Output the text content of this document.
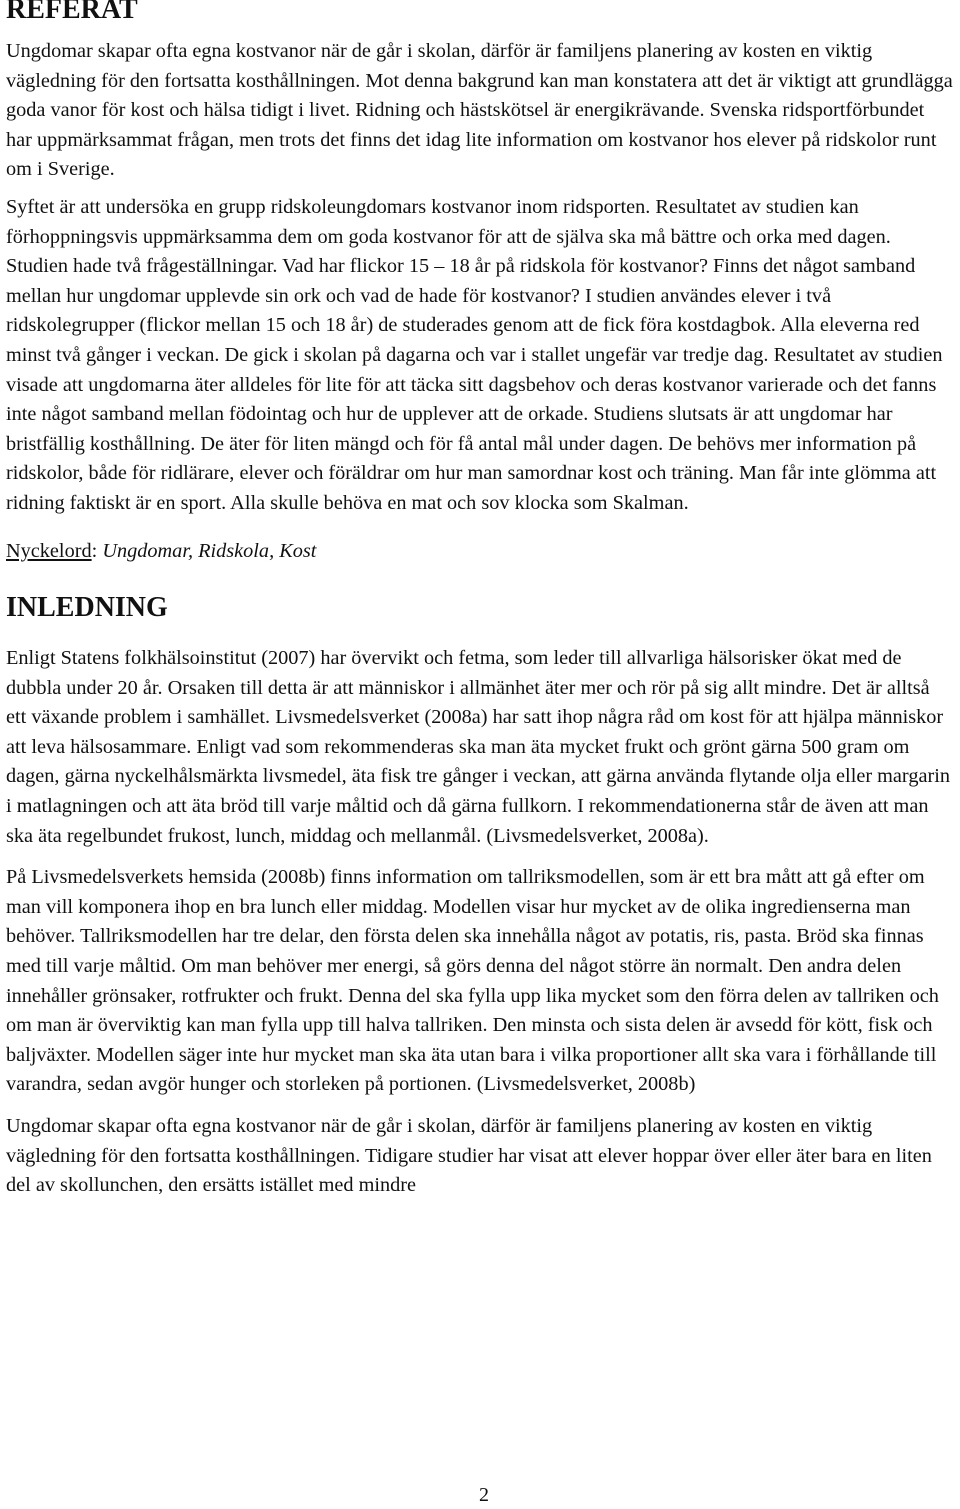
REFERAT

Ungdomar skapar ofta egna kostvanor när de går i skolan, därför är familjens planering av kosten en viktig vägledning för den fortsatta kosthållningen. Mot denna bakgrund kan man konstatera att det är viktigt att grundlägga goda vanor för kost och hälsa tidigt i livet. Ridning och hästskötsel är energikrävande. Svenska ridsportförbundet har uppmärksammat frågan, men trots det finns det idag lite information om kostvanor hos elever på ridskolor runt om i Sverige.

Syftet är att undersöka en grupp ridskoleungdomars kostvanor inom ridsporten. Resultatet av studien kan förhoppningsvis uppmärksamma dem om goda kostvanor för att de själva ska må bättre och orka med dagen. Studien hade två frågeställningar. Vad har flickor 15 – 18 år på ridskola för kostvanor? Finns det något samband mellan hur ungdomar upplevde sin ork och vad de hade för kostvanor? I studien användes elever i två ridskolegrupper (flickor mellan 15 och 18 år) de studerades genom att de fick föra kostdagbok. Alla eleverna red minst två gånger i veckan. De gick i skolan på dagarna och var i stallet ungefär var tredje dag. Resultatet av studien visade att ungdomarna äter alldeles för lite för att täcka sitt dagsbehov och deras kostvanor varierade och det fanns inte något samband mellan födointag och hur de upplever att de orkade. Studiens slutsats är att ungdomar har bristfällig kosthållning. De äter för liten mängd och för få antal mål under dagen. De behövs mer information på ridskolor, både för ridlärare, elever och föräldrar om hur man samordnar kost och träning. Man får inte glömma att ridning faktiskt är en sport. Alla skulle behöva en mat och sov klocka som Skalman.

Nyckelord: Ungdomar, Ridskola, Kost

INLEDNING

Enligt Statens folkhälsoinstitut (2007) har övervikt och fetma, som leder till allvarliga hälsorisker ökat med de dubbla under 20 år. Orsaken till detta är att människor i allmänhet äter mer och rör på sig allt mindre. Det är alltså ett växande problem i samhället. Livsmedelsverket (2008a) har satt ihop några råd om kost för att hjälpa människor att leva hälsosammare. Enligt vad som rekommenderas ska man äta mycket frukt och grönt gärna 500 gram om dagen, gärna nyckelhålsmärkta livsmedel, äta fisk tre gånger i veckan, att gärna använda flytande olja eller margarin i matlagningen och att äta bröd till varje måltid och då gärna fullkorn. I rekommendationerna står de även att man ska äta regelbundet frukost, lunch, middag och mellanmål. (Livsmedelsverket, 2008a).

På Livsmedelsverkets hemsida (2008b) finns information om tallriksmodellen, som är ett bra mått att gå efter om man vill komponera ihop en bra lunch eller middag. Modellen visar hur mycket av de olika ingredienserna man behöver. Tallriksmodellen har tre delar, den första delen ska innehålla något av potatis, ris, pasta. Bröd ska finnas med till varje måltid. Om man behöver mer energi, så görs denna del något större än normalt. Den andra delen innehåller grönsaker, rotfrukter och frukt. Denna del ska fylla upp lika mycket som den förra delen av tallriken och om man är överviktig kan man fylla upp till halva tallriken. Den minsta och sista delen är avsedd för kött, fisk och baljväxter. Modellen säger inte hur mycket man ska äta utan bara i vilka proportioner allt ska vara i förhållande till varandra, sedan avgör hunger och storleken på portionen. (Livsmedelsverket, 2008b)

Ungdomar skapar ofta egna kostvanor när de går i skolan, därför är familjens planering av kosten en viktig vägledning för den fortsatta kosthållningen. Tidigare studier har visat att elever hoppar över eller äter bara en liten del av skollunchen, den ersätts istället med mindre

2
